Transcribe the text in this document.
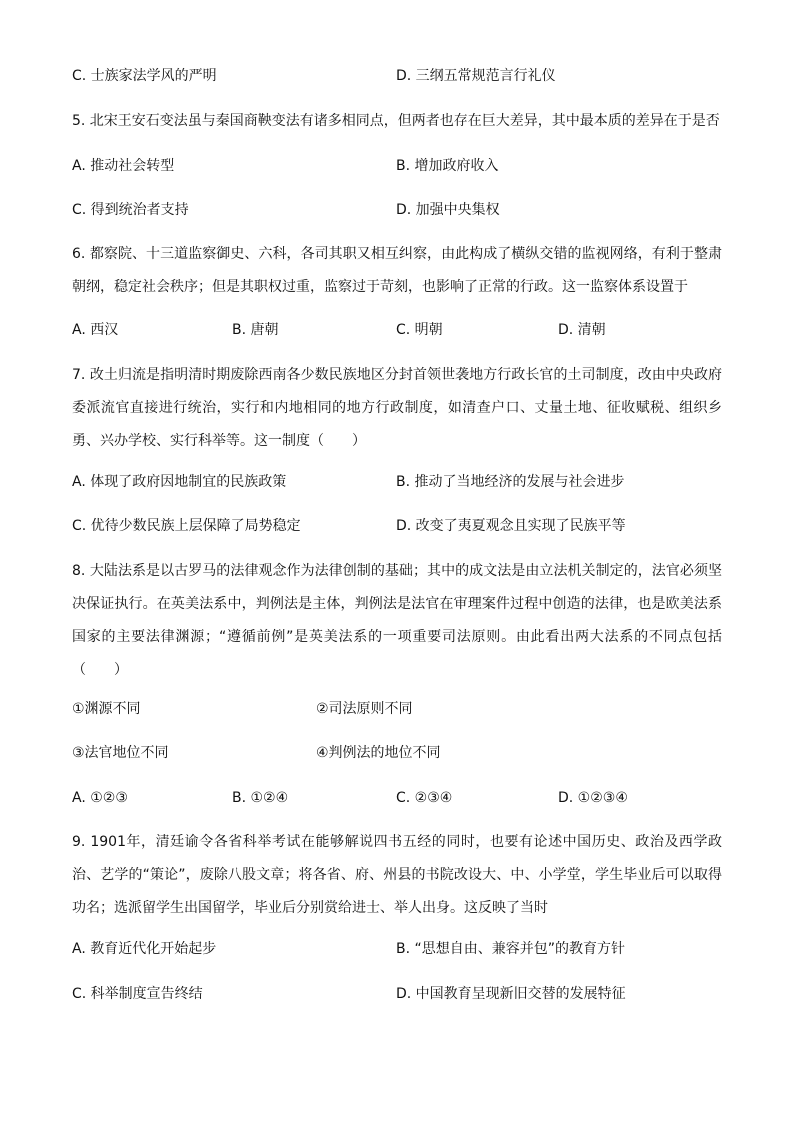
C. 士族家法学风的严明	D. 三纲五常规范言行礼仪
5. 北宋王安石变法虽与秦国商鞅变法有诸多相同点，但两者也存在巨大差异，其中最本质的差异在于是否
A. 推动社会转型	B. 增加政府收入
C. 得到统治者支持	D. 加强中央集权
6. 都察院、十三道监察御史、六科，各司其职又相互纠察，由此构成了横纵交错的监视网络，有利于整肃朝纲，稳定社会秩序；但是其职权过重，监察过于苛刻，也影响了正常的行政。这一监察体系设置于
A. 西汉	B. 唐朝	C. 明朝	D. 清朝
7. 改土归流是指明清时期废除西南各少数民族地区分封首领世袭地方行政长官的土司制度，改由中央政府委派流官直接进行统治，实行和内地相同的地方行政制度，如清查户口、丈量土地、征收赋税、组织乡勇、兴办学校、实行科举等。这一制度（　　）
A. 体现了政府因地制宜的民族政策	B. 推动了当地经济的发展与社会进步
C. 优待少数民族上层保障了局势稳定	D. 改变了夷夏观念且实现了民族平等
8. 大陆法系是以古罗马的法律观念作为法律创制的基础；其中的成文法是由立法机关制定的，法官必须坚决保证执行。在英美法系中，判例法是主体，判例法是法官在审理案件过程中创造的法律，也是欧美法系国家的主要法律渊源；“遵循前例”是英美法系的一项重要司法原则。由此看出两大法系的不同点包括（　　）
①渊源不同	②司法原则不同
③法官地位不同	④判例法的地位不同
A. ①②③	B. ①②④	C. ②③④	D. ①②③④
9. 1901年，清廷谕令各省科举考试在能够解说四书五经的同时，也要有论述中国历史、政治及西学政治、艺学的“策论”，废除八股文章；将各省、府、州县的书院改设大、中、小学堂，学生毕业后可以取得功名；选派留学生出国留学，毕业后分别赏给进士、举人出身。这反映了当时
A. 教育近代化开始起步	B. “思想自由、兼容并包”的教育方针
C. 科举制度宣告终结	D. 中国教育呈现新旧交替的发展特征
